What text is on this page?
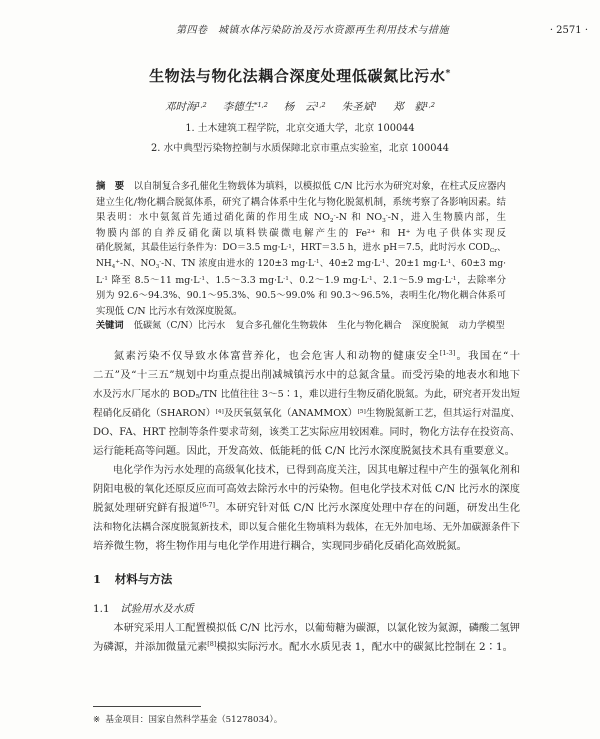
第四卷　城镇水体污染防治及污水资源再生利用技术与措施	· 2571 ·
生物法与物化法耦合深度处理低碳氮比污水*
邓时海$^{1,2}$ 李德生$^{*1,2}$ 杨　云$^{1,2}$ 朱圣斌$^1$ 郑　毅$^{1,2}$
1. 土木建筑工程学院，北京交通大学，北京 100044
2. 水中典型污染物控制与水质保障北京市重点实验室，北京 100044
摘　要　以自制复合多孔催化生物载体为填料，以模拟低 C/N 比污水为研究对象，在柱式反应器内
建立生化/物化耦合脱氮体系，研究了耦合体系中生化与物化脱氮机制，系统考察了各影响因素。结
果表明：水中氨氮首先通过硝化菌的作用生成 $NO_2^--N$ 和 $NO_3^--N$，进入生物膜内部，生
物膜内部的自养反硝化菌以填料铁碳微电解产生的 $Fe^{2+}$ 和 H+ 为电子供体实现反
硝化脱氮，其最佳运行条件为：DO＝3.5 $mg\cdot L^{-1}$，HRT＝3.5 h，进水 pH＝7.5，此时污水 $COD_{Cr}$、
$NH_4^+-N$、$NO_3^--N$、TN 浓度由进水的 120±3 $mg\cdot L^{-1}$、40±2 $mg\cdot L^{-1}$、20±1 $mg\cdot L^{-1}$、60±3 mg·
$L^{-1}$ 降至 8.5～11 $mg\cdot L^{-1}$、1.5～3.3 $mg\cdot L^{-1}$、0.2～1.9 $mg\cdot L^{-1}$、2.1～5.9 $mg\cdot L^{-1}$，去除率分
别为 92.6～94.3%、90.1～95.3%、90.5～99.0% 和 90.3～96.5%，表明生化/物化耦合体系可
实现低 C/N 比污水有效深度脱氮。
关键词 低碳氮（C/N）比污水 复合多孔催化生物载体 生化与物化耦合 深度脱氮 动力学模型
氮素污染不仅导致水体富营养化，也会危害人和动物的健康安全[1-3]。我国在“十
二五”及“十三五”规划中均重点提出削减城镇污水中的总氮含量。而受污染的地表水和地下
水及污水厂尾水的 $BOD_5/TN$ 比值往往 3～5∶1，难以进行生物反硝化脱氮。为此，研究者开发出短
程硝化反硝化（SHARON）[4]及厌氧氨氧化（ANAMMOX）[5]生物脱氮新工艺，但其运行对温度、
DO、FA、HRT 控制等条件要求苛刻，该类工艺实际应用较困难。同时，物化方法存在投资高、
运行能耗高等问题。因此，开发高效、低能耗的低 C/N 比污水深度脱氮技术具有重要意义。
电化学作为污水处理的高级氧化技术，已得到高度关注，因其电解过程中产生的强氧化剂和
阴阳电极的氧化还原反应而可高效去除污水中的污染物。但电化学技术对低 C/N 比污水的深度
脱氮处理研究鲜有报道[6-7]。本研究针对低 C/N 比污水深度处理中存在的问题，研发出生化
法和物化法耦合深度脱氮新技术，即以复合催化生物填料为载体，在无外加电场、无外加碳源条件下
培养微生物，将生物作用与电化学作用进行耦合，实现同步硝化反硝化高效脱氮。
1 材料与方法
1.1 试验用水及水质
本研究采用人工配置模拟低 C/N 比污水，以葡萄糖为碳源，以氯化铵为氮源，磷酸二氢钾
为磷源，并添加微量元素[8]模拟实际污水。配水水质见表 1，配水中的碳氮比控制在 2∶1。
※ 基金项目：国家自然科学基金（51278034）。
